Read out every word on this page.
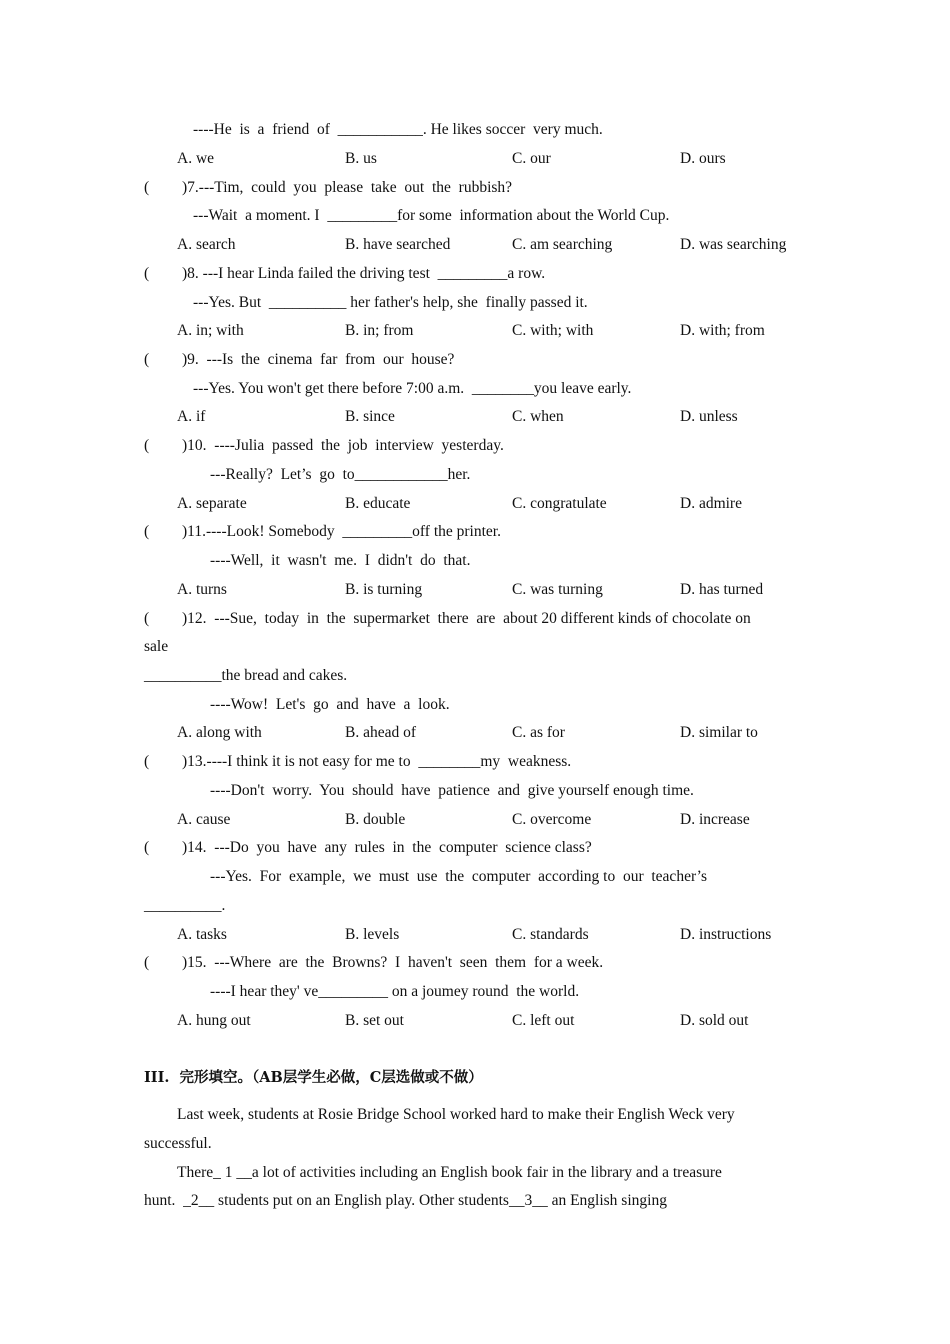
----He  is  a  friend  of  ___________. He likes soccer  very much.
A. we	B. us	C. our	D. ours
( )7.---Tim,  could  you  please  take  out  the  rubbish?
---Wait  a moment. I  _________for some  information about the World Cup.
A. search	B. have searched	C. am searching	D. was searching
( )8. ---I hear Linda failed the driving test  _________a row.
---Yes. But  __________ her father's help, she  finally passed it.
A. in; with	B. in; from	C. with; with	D. with; from
( )9.  ---Is  the  cinema  far  from  our  house?
---Yes. You won't get there before 7:00 a.m.  ________you leave early.
A. if	B. since	C. when	D. unless
( )10.  ----Julia  passed  the  job  interview  yesterday.
---Really?  Let’s  go  to____________her.
A. separate	B. educate	C. congratulate	D. admire
( )11.----Look! Somebody  _________off the printer.
----Well,  it  wasn't  me.  I  didn't  do  that.
A. turns	B. is turning	C. was turning	D. has turned
( )12.  ---Sue,  today  in  the  supermarket  there  are  about 20 different kinds of chocolate on
sale
__________the bread and cakes.
----Wow!  Let's  go  and  have  a  look.
A. along with	B. ahead of	C. as for	D. similar to
( )13.----I think it is not easy for me to  ________my  weakness.
----Don't  worry.  You  should  have  patience  and  give yourself enough time.
A. cause	B. double	C. overcome	D. increase
( )14.  ---Do  you  have  any  rules  in  the  computer  science class?
---Yes.  For  example,  we  must  use  the  computer  according to  our  teacher’s
__________.
A. tasks	B. levels	C. standards	D. instructions
( )15.  ---Where  are  the  Browns?  I  haven't  seen  them  for a week.
----I hear they' ve_________ on a joumey round  the world.
A. hung out	B. set out	C. left out	D. sold out
III.  完形填空。（AB层学生必做，C层选做或不做）
Last week, students at Rosie Bridge School worked hard to make their English Weck very
successful.
There_ 1 __a lot of activities including an English book fair in the library and a treasure
hunt.  _2__ students put on an English play. Other students__3__ an English singing
